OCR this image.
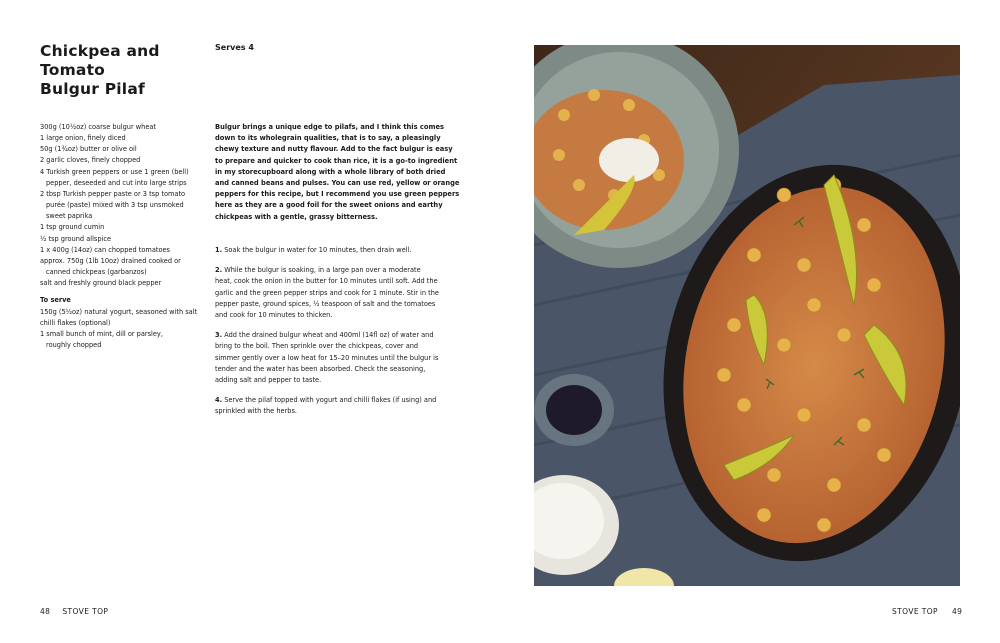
Chickpea and Tomato
Bulgur Pilaf
Serves 4
300g (10½oz) coarse bulgur wheat
1 large onion, finely diced
50g (1¾oz) butter or olive oil
2 garlic cloves, finely chopped
4 Turkish green peppers or use 1 green (bell)
pepper, deseeded and cut into large strips
2 tbsp Turkish pepper paste or 3 tsp tomato
purée (paste) mixed with 3 tsp unsmoked
sweet paprika
1 tsp ground cumin
½ tsp ground allspice
1 x 400g (14oz) can chopped tomatoes
approx. 750g (1lb 10oz) drained cooked or
canned chickpeas (garbanzos)
salt and freshly ground black pepper
To serve
150g (5½oz) natural yogurt, seasoned with salt
chilli flakes (optional)
1 small bunch of mint, dill or parsley,
roughly chopped
Bulgur brings a unique edge to pilafs, and I think this comes
down to its wholegrain qualities, that is to say, a pleasingly
chewy texture and nutty flavour. Add to the fact bulgur is easy
to prepare and quicker to cook than rice, it is a go-to ingredient
in my storecupboard along with a whole library of both dried
and canned beans and pulses. You can use red, yellow or orange
peppers for this recipe, but I recommend you use green peppers
here as they are a good foil for the sweet onions and earthy
chickpeas with a gentle, grassy bitterness.
1. Soak the bulgur in water for 10 minutes, then drain well.
2. While the bulgur is soaking, in a large pan over a moderate
heat, cook the onion in the butter for 10 minutes until soft. Add the
garlic and the green pepper strips and cook for 1 minute. Stir in the
pepper paste, ground spices, ½ teaspoon of salt and the tomatoes
and cook for 10 minutes to thicken.
3. Add the drained bulgur wheat and 400ml (14fl oz) of water and
bring to the boil. Then sprinkle over the chickpeas, cover and
simmer gently over a low heat for 15–20 minutes until the bulgur is
tender and the water has been absorbed. Check the seasoning,
adding salt and pepper to taste.
4. Serve the pilaf topped with yogurt and chilli flakes (if using) and
sprinkled with the herbs.
48 STOVE TOP	STOVE TOP 49
